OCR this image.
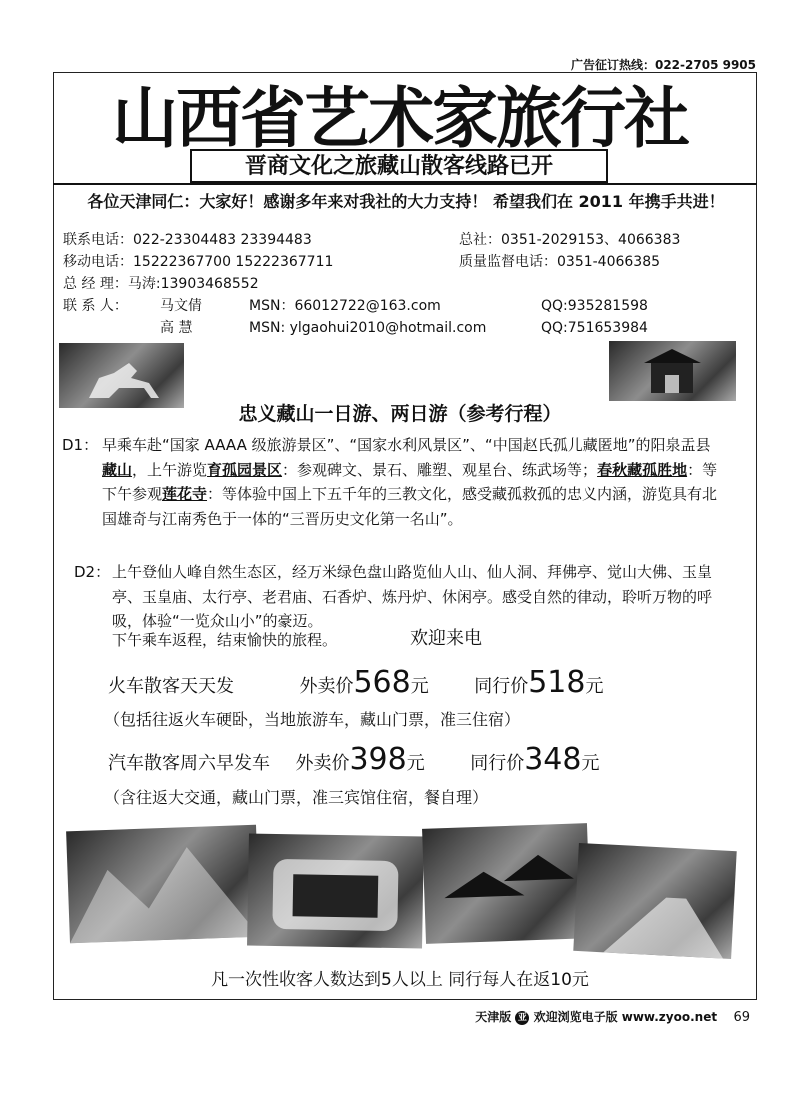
广告征订热线：022-2705 9905
山西省艺术家旅行社
晋商文化之旅藏山散客线路已开
各位天津同仁：大家好！感谢多年来对我社的大力支持！ 希望我们在 2011 年携手共进！
联系电话：022-23304483 23394483	总社：0351-2029153、4066383
移动电话：15222367700 15222367711	质量监督电话：0351-4066385
总 经 理：马涛:13903468552
联 系 人： 马文倩	MSN：66012722@163.com	QQ:935281598
高 慧	MSN: ylgaohui2010@hotmail.com	QQ:751653984
忠义藏山一日游、两日游（参考行程）
D1： 早乘车赴“国家 AAAA 级旅游景区”、“国家水利风景区”、“中国赵氏孤儿藏匿地”的阳泉盂县藏山，上午游览育孤园景区：参观碑文、景石、雕塑、观星台、练武场等；春秋藏孤胜地：等下午参观莲花寺：等体验中国上下五千年的三教文化，感受藏孤救孤的忠义内涵，游览具有北国雄奇与江南秀色于一体的“三晋历史文化第一名山”。
D2： 上午登仙人峰自然生态区，经万米绿色盘山路览仙人山、仙人洞、拜佛亭、觉山大佛、玉皇亭、玉皇庙、太行亭、老君庙、石香炉、炼丹炉、休闲亭。感受自然的律动，聆听万物的呼吸，体验“一览众山小”的豪迈。
下午乘车返程，结束愉快的旅程。	欢迎来电
火车散客天天发	外卖价568元	同行价518元
（包括往返火车硬卧，当地旅游车，藏山门票，准三住宿）
汽车散客周六早发车 外卖价398元	同行价348元
（含往返大交通，藏山门票，准三宾馆住宿，餐自理）
凡一次性收客人数达到5人以上 同行每人在返10元
天津版 亚 欢迎浏览电子版 www.zyoo.net 69
